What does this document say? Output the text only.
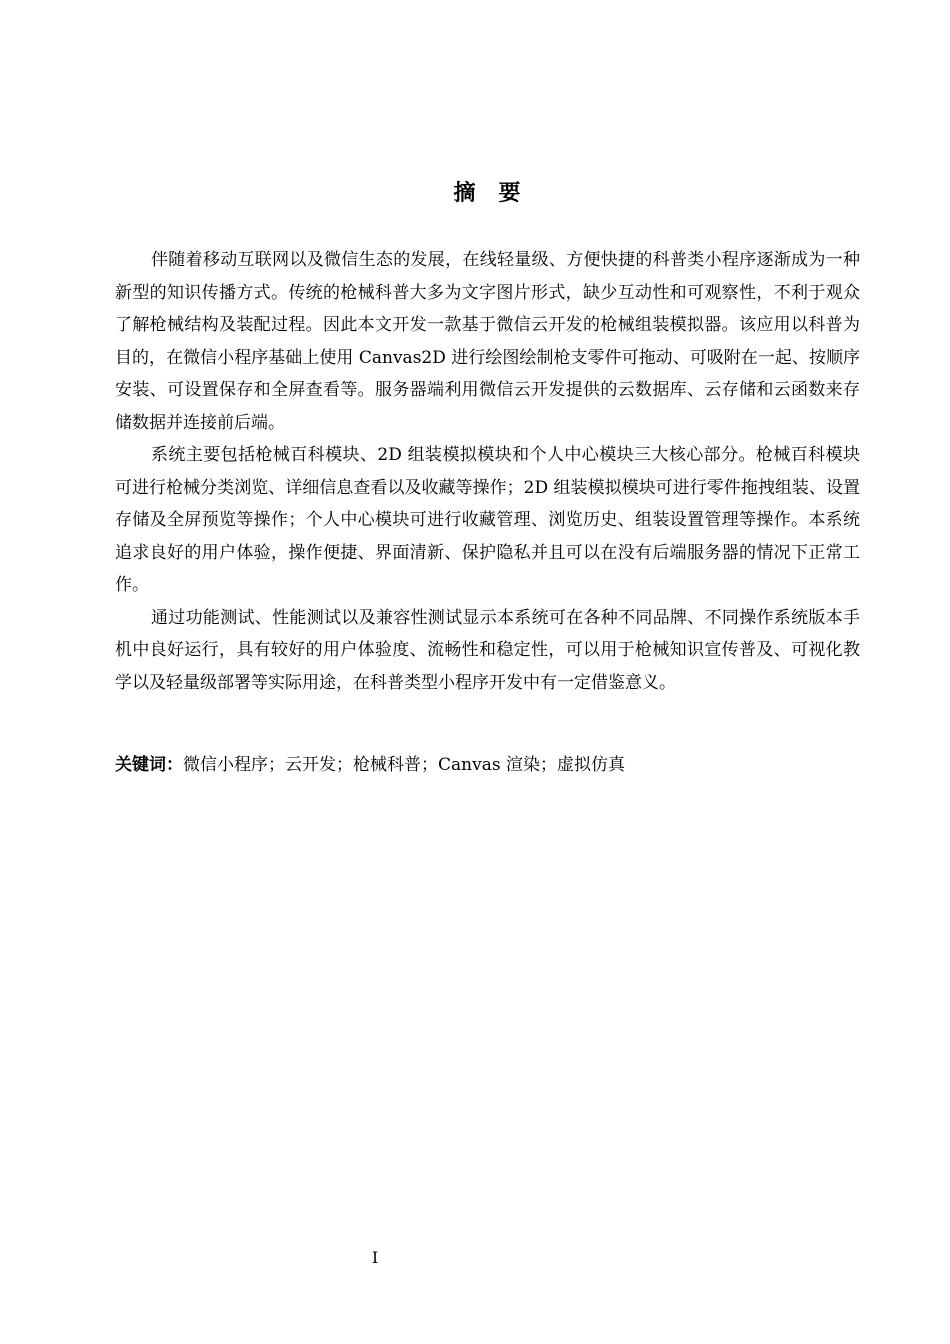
摘 要

伴随着移动互联网以及微信生态的发展，在线轻量级、方便快捷的科普类小程序逐渐成为一种新型的知识传播方式。传统的枪械科普大多为文字图片形式，缺少互动性和可观察性，不利于观众了解枪械结构及装配过程。因此本文开发一款基于微信云开发的枪械组装模拟器。该应用以科普为目的，在微信小程序基础上使用 Canvas2D 进行绘图绘制枪支零件可拖动、可吸附在一起、按顺序安装、可设置保存和全屏查看等。服务器端利用微信云开发提供的云数据库、云存储和云函数来存储数据并连接前后端。

系统主要包括枪械百科模块、2D 组装模拟模块和个人中心模块三大核心部分。枪械百科模块可进行枪械分类浏览、详细信息查看以及收藏等操作；2D 组装模拟模块可进行零件拖拽组装、设置存储及全屏预览等操作；个人中心模块可进行收藏管理、浏览历史、组装设置管理等操作。本系统追求良好的用户体验，操作便捷、界面清新、保护隐私并且可以在没有后端服务器的情况下正常工作。

通过功能测试、性能测试以及兼容性测试显示本系统可在各种不同品牌、不同操作系统版本手机中良好运行，具有较好的用户体验度、流畅性和稳定性，可以用于枪械知识宣传普及、可视化教学以及轻量级部署等实际用途，在科普类型小程序开发中有一定借鉴意义。

关键词：微信小程序；云开发；枪械科普；Canvas 渲染；虚拟仿真
I
